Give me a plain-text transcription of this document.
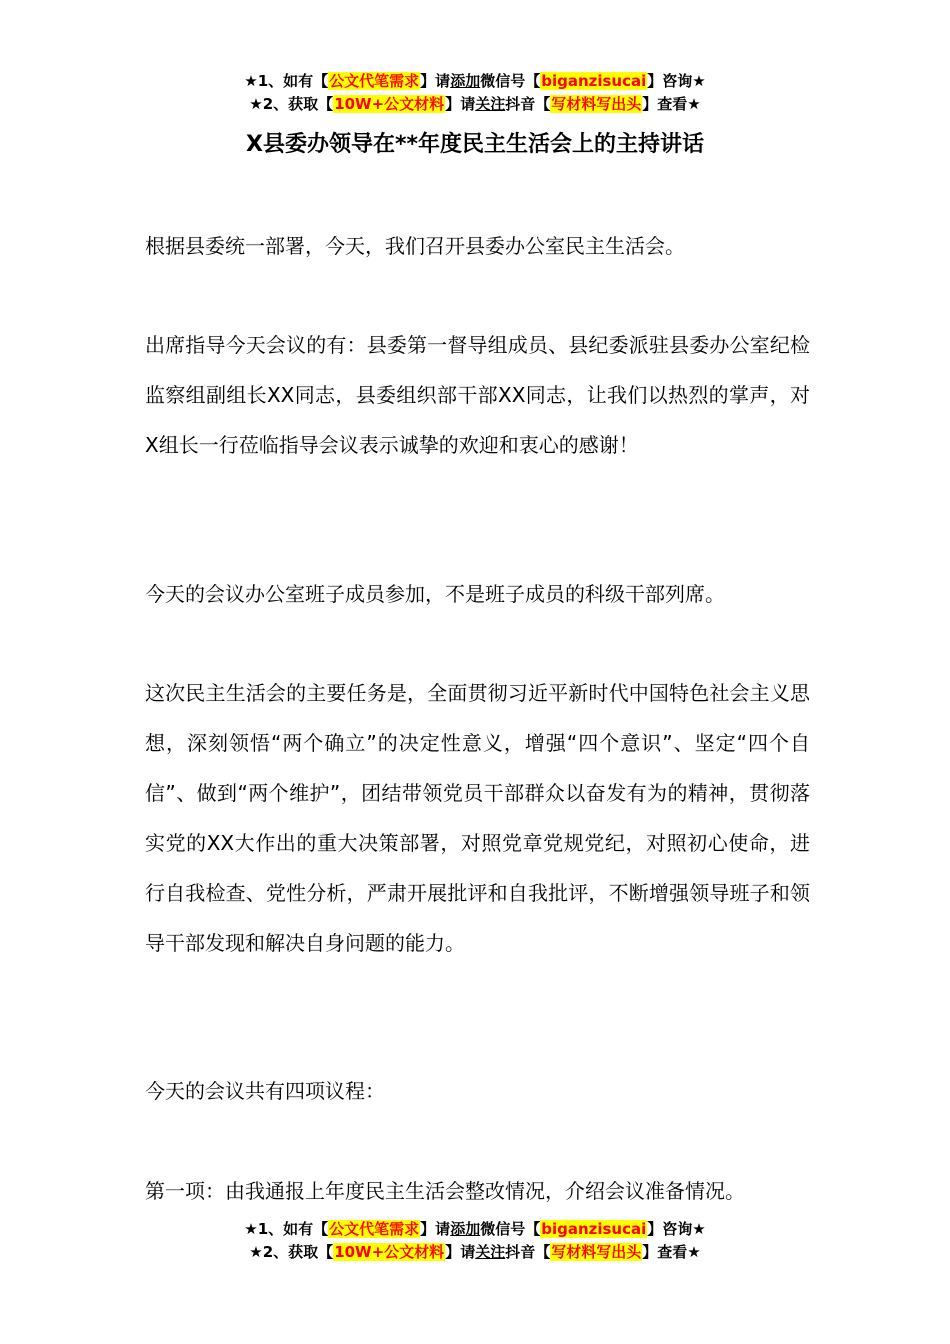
★1、如有【公文代笔需求】请添加微信号【biganzisucai】咨询★
★2、获取【10W+公文材料】请关注抖音【写材料写出头】查看★
X县委办领导在**年度民主生活会上的主持讲话

根据县委统一部署，今天，我们召开县委办公室民主生活会。

出席指导今天会议的有：县委第一督导组成员、县纪委派驻县委办公室纪检监察组副组长XX同志，县委组织部干部XX同志，让我们以热烈的掌声，对X组长一行莅临指导会议表示诚挚的欢迎和衷心的感谢！

今天的会议办公室班子成员参加，不是班子成员的科级干部列席。

这次民主生活会的主要任务是，全面贯彻习近平新时代中国特色社会主义思想，深刻领悟“两个确立”的决定性意义，增强“四个意识”、坚定“四个自信”、做到“两个维护”，团结带领党员干部群众以奋发有为的精神，贯彻落实党的XX大作出的重大决策部署，对照党章党规党纪，对照初心使命，进行自我检查、党性分析，严肃开展批评和自我批评，不断增强领导班子和领导干部发现和解决自身问题的能力。

今天的会议共有四项议程：

第一项：由我通报上年度民主生活会整改情况，介绍会议准备情况。

★1、如有【公文代笔需求】请添加微信号【biganzisucai】咨询★
★2、获取【10W+公文材料】请关注抖音【写材料写出头】查看★
